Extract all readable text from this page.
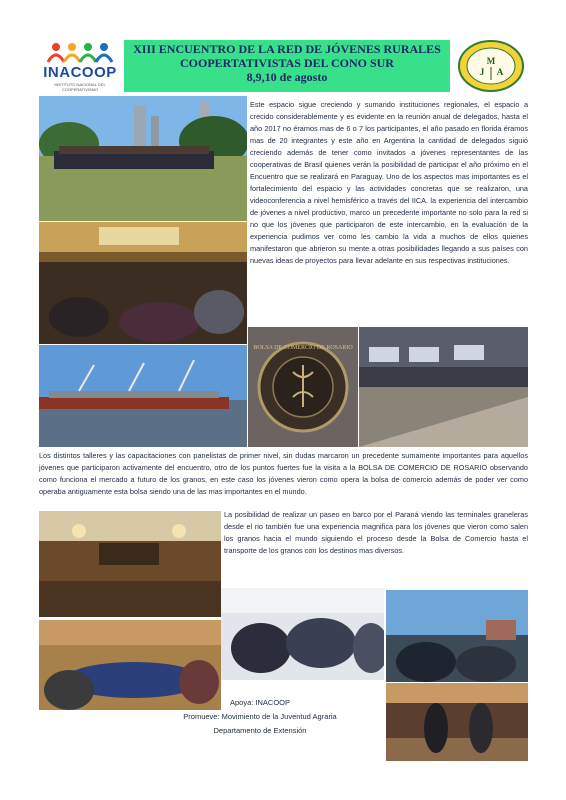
INACOOP
INSTITUTO NACIONAL DEL COOPERATIVISMO
XIII ENCUENTRO DE LA RED DE JÓVENES RURALES
COOPERTATIVISTAS DEL CONO SUR
8,9,10 de agosto
M
J A
Este espacio sigue creciendo y sumando instituciones regionales, el espacio a crecido considerablemente y es evidente en la reunión anual de delegados, hasta el año 2017 no éramos mas de 6 o 7 los participantes, el año pasado en florida éramos mas de 20 integrantes y este año en Argentina la cantidad de delegados siguió creciendo además de tener como invitados a jóvenes representantes de las cooperativas de Brasil quienes verán la posibilidad de participar el año próximo en el Encuentro que se realizará en Paraguay. Uno de los aspectos mas importantes es el fortalecimiento del espacio y las actividades concretas que se realizaron, una videoconferencia a nivel hemisférico a través del IICA. la experiencia del intercambio de jóvenes a nivel productivo, marco un precedente importante no solo para la red si no que los jóvenes que participaron de este intercambio, en la evaluación de la experiencia pudimos ver como les cambio la vida a muchos de ellos quienes manifestaron que abrieron su mente a otras posibilidades llegando a sus países con nuevas ideas de proyectos para llevar adelante en sus respectivas instituciones.
BOLSA DE COMERCIO DE ROSARIO
Los distintos talleres y las capacitaciones con panelistas de primer nivel, sin dudas marcaron un precedente sumamente importantes para aquellos jóvenes que participaron activamente del encuentro, otro de los puntos fuertes fue la visita a la BOLSA DE COMERCIO DE ROSARIO observando como funciona el mercado a futuro de los granos, en este caso los jóvenes vieron como opera la bolsa de comercio además de poder ver como operaba antiguamente esta bolsa siendo una de las mas importantes en el mundo.
La posibilidad de realizar un paseo en barco por el Paraná viendo las terminales graneleras desde el rio también fue una experiencia magnifica para los jóvenes que vieron como salen los granos hacia el mundo siguiendo el proceso desde la Bolsa de Comercio hasta el transporte de los granos con los destinos mas diversos.
Apoya: INACOOP
Promueve: Movimiento de la Juventud Agraria
Departamento de Extensión
